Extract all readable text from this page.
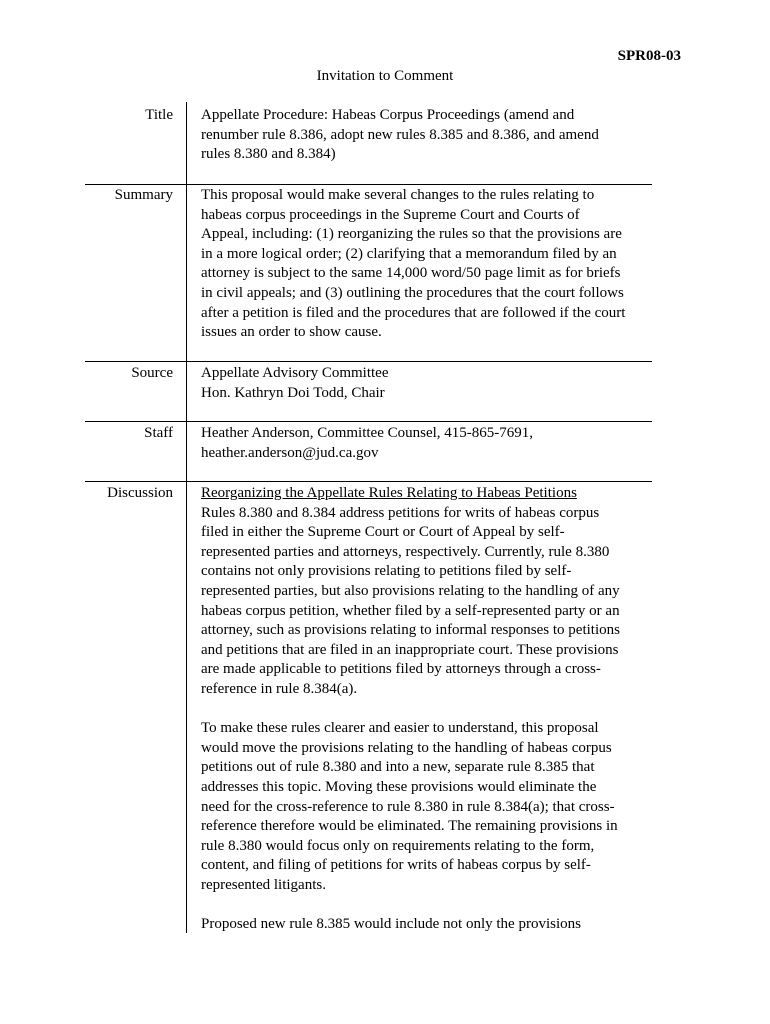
SPR08-03
Invitation to Comment
Title Appellate Procedure: Habeas Corpus Proceedings (amend and

renumber rule 8.386, adopt new rules 8.385 and 8.386, and amend

rules 8.380 and 8.384)

Summary This proposal would make several changes to the rules relating to

habeas corpus proceedings in the Supreme Court and Courts of

Appeal, including: (1) reorganizing the rules so that the provisions are

in a more logical order; (2) clarifying that a memorandum filed by an

attorney is subject to the same 14,000 word/50 page limit as for briefs

in civil appeals; and (3) outlining the procedures that the court follows

after a petition is filed and the procedures that are followed if the court

issues an order to show cause.

Source Appellate Advisory Committee

Hon. Kathryn Doi Todd, Chair

Staff Heather Anderson, Committee Counsel, 415-865-7691,

heather.anderson@jud.ca.gov

Discussion Reorganizing the Appellate Rules Relating to Habeas Petitions

Rules 8.380 and 8.384 address petitions for writs of habeas corpus

filed in either the Supreme Court or Court of Appeal by self-

represented parties and attorneys, respectively. Currently, rule 8.380

contains not only provisions relating to petitions filed by self-

represented parties, but also provisions relating to the handling of any

habeas corpus petition, whether filed by a self-represented party or an

attorney, such as provisions relating to informal responses to petitions

and petitions that are filed in an inappropriate court. These provisions

are made applicable to petitions filed by attorneys through a cross-

reference in rule 8.384(a).

To make these rules clearer and easier to understand, this proposal

would move the provisions relating to the handling of habeas corpus

petitions out of rule 8.380 and into a new, separate rule 8.385 that

addresses this topic. Moving these provisions would eliminate the

need for the cross-reference to rule 8.380 in rule 8.384(a); that cross-

reference therefore would be eliminated. The remaining provisions in

rule 8.380 would focus only on requirements relating to the form,

content, and filing of petitions for writs of habeas corpus by self-

represented litigants.

Proposed new rule 8.385 would include not only the provisions
